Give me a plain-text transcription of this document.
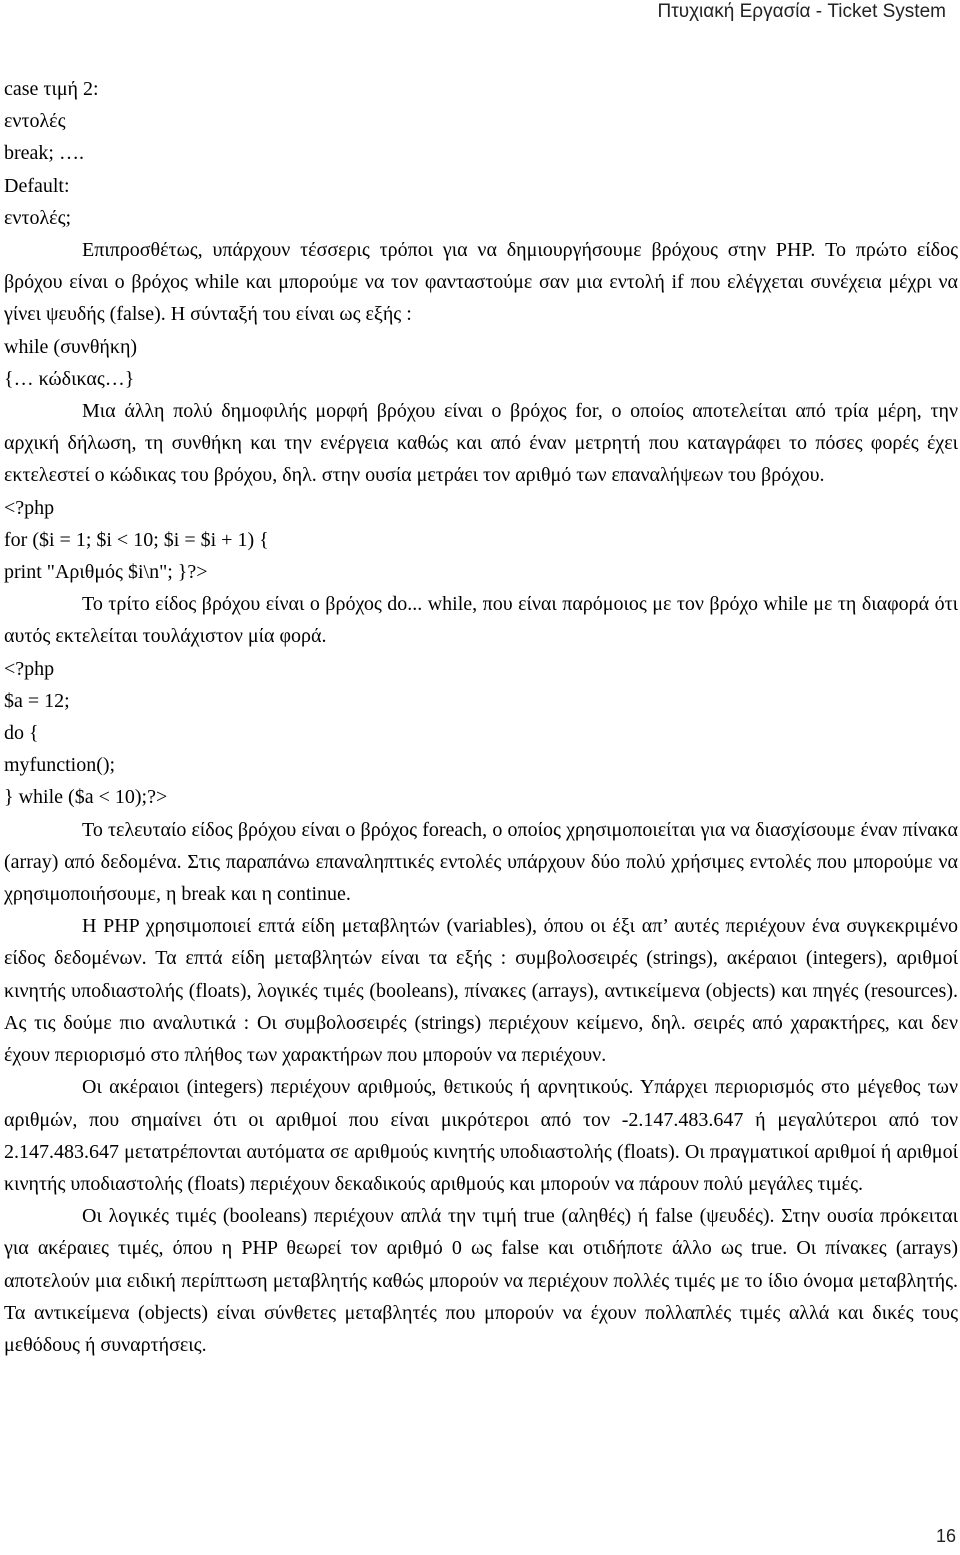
Πτυχιακή Εργασία - Ticket System
case τιμή 2:
εντολές
break; ….
Default:
εντολές;

Επιπροσθέτως, υπάρχουν τέσσερις τρόποι για να δημιουργήσουμε βρόχους στην PHP. Το πρώτο είδος βρόχου είναι ο βρόχος while και μπορούμε να τον φανταστούμε σαν μια εντολή if που ελέγχεται συνέχεια μέχρι να γίνει ψευδής (false). Η σύνταξή του είναι ως εξής :

while (συνθήκη)
{… κώδικας…}

Μια άλλη πολύ δημοφιλής μορφή βρόχου είναι ο βρόχος for, ο οποίος αποτελείται από τρία μέρη, την αρχική δήλωση, τη συνθήκη και την ενέργεια καθώς και από έναν μετρητή που καταγράφει το πόσες φορές έχει εκτελεστεί ο κώδικας του βρόχου, δηλ. στην ουσία μετράει τον αριθμό των επαναλήψεων του βρόχου.

<?php
for ($i = 1; $i < 10; $i = $i + 1) {
print "Αριθμός $i\n"; }?>

Το τρίτο είδος βρόχου είναι ο βρόχος do... while, που είναι παρόμοιος με τον βρόχο while με τη διαφορά ότι αυτός εκτελείται τουλάχιστον μία φορά.

<?php
$a = 12;
do {
myfunction();
} while ($a < 10);?>

Το τελευταίο είδος βρόχου είναι ο βρόχος foreach, ο οποίος χρησιμοποιείται για να διασχίσουμε έναν πίνακα (array) από δεδομένα. Στις παραπάνω επαναληπτικές εντολές υπάρχουν δύο πολύ χρήσιμες εντολές που μπορούμε να χρησιμοποιήσουμε, η break και η continue.

Η PHP χρησιμοποιεί επτά είδη μεταβλητών (variables), όπου οι έξι απ’ αυτές περιέχουν ένα συγκεκριμένο είδος δεδομένων. Τα επτά είδη μεταβλητών είναι τα εξής : συμβολοσειρές (strings), ακέραιοι (integers), αριθμοί κινητής υποδιαστολής (floats), λογικές τιμές (booleans), πίνακες (arrays), αντικείμενα (objects) και πηγές (resources). Ας τις δούμε πιο αναλυτικά : Οι συμβολοσειρές (strings) περιέχουν κείμενο, δηλ. σειρές από χαρακτήρες, και δεν έχουν περιορισμό στο πλήθος των χαρακτήρων που μπορούν να περιέχουν.

Οι ακέραιοι (integers) περιέχουν αριθμούς, θετικούς ή αρνητικούς. Υπάρχει περιορισμός στο μέγεθος των αριθμών, που σημαίνει ότι οι αριθμοί που είναι μικρότεροι από τον -2.147.483.647 ή μεγαλύτεροι από τον 2.147.483.647 μετατρέπονται αυτόματα σε αριθμούς κινητής υποδιαστολής (floats). Οι πραγματικοί αριθμοί ή αριθμοί κινητής υποδιαστολής (floats) περιέχουν δεκαδικούς αριθμούς και μπορούν να πάρουν πολύ μεγάλες τιμές.

Οι λογικές τιμές (booleans) περιέχουν απλά την τιμή true (αληθές) ή false (ψευδές). Στην ουσία πρόκειται για ακέραιες τιμές, όπου η PHP θεωρεί τον αριθμό 0 ως false και οτιδήποτε άλλο ως true. Οι πίνακες (arrays) αποτελούν μια ειδική περίπτωση μεταβλητής καθώς μπορούν να περιέχουν πολλές τιμές με το ίδιο όνομα μεταβλητής. Τα αντικείμενα (objects) είναι σύνθετες μεταβλητές που μπορούν να έχουν πολλαπλές τιμές αλλά και δικές τους μεθόδους ή συναρτήσεις.

16
